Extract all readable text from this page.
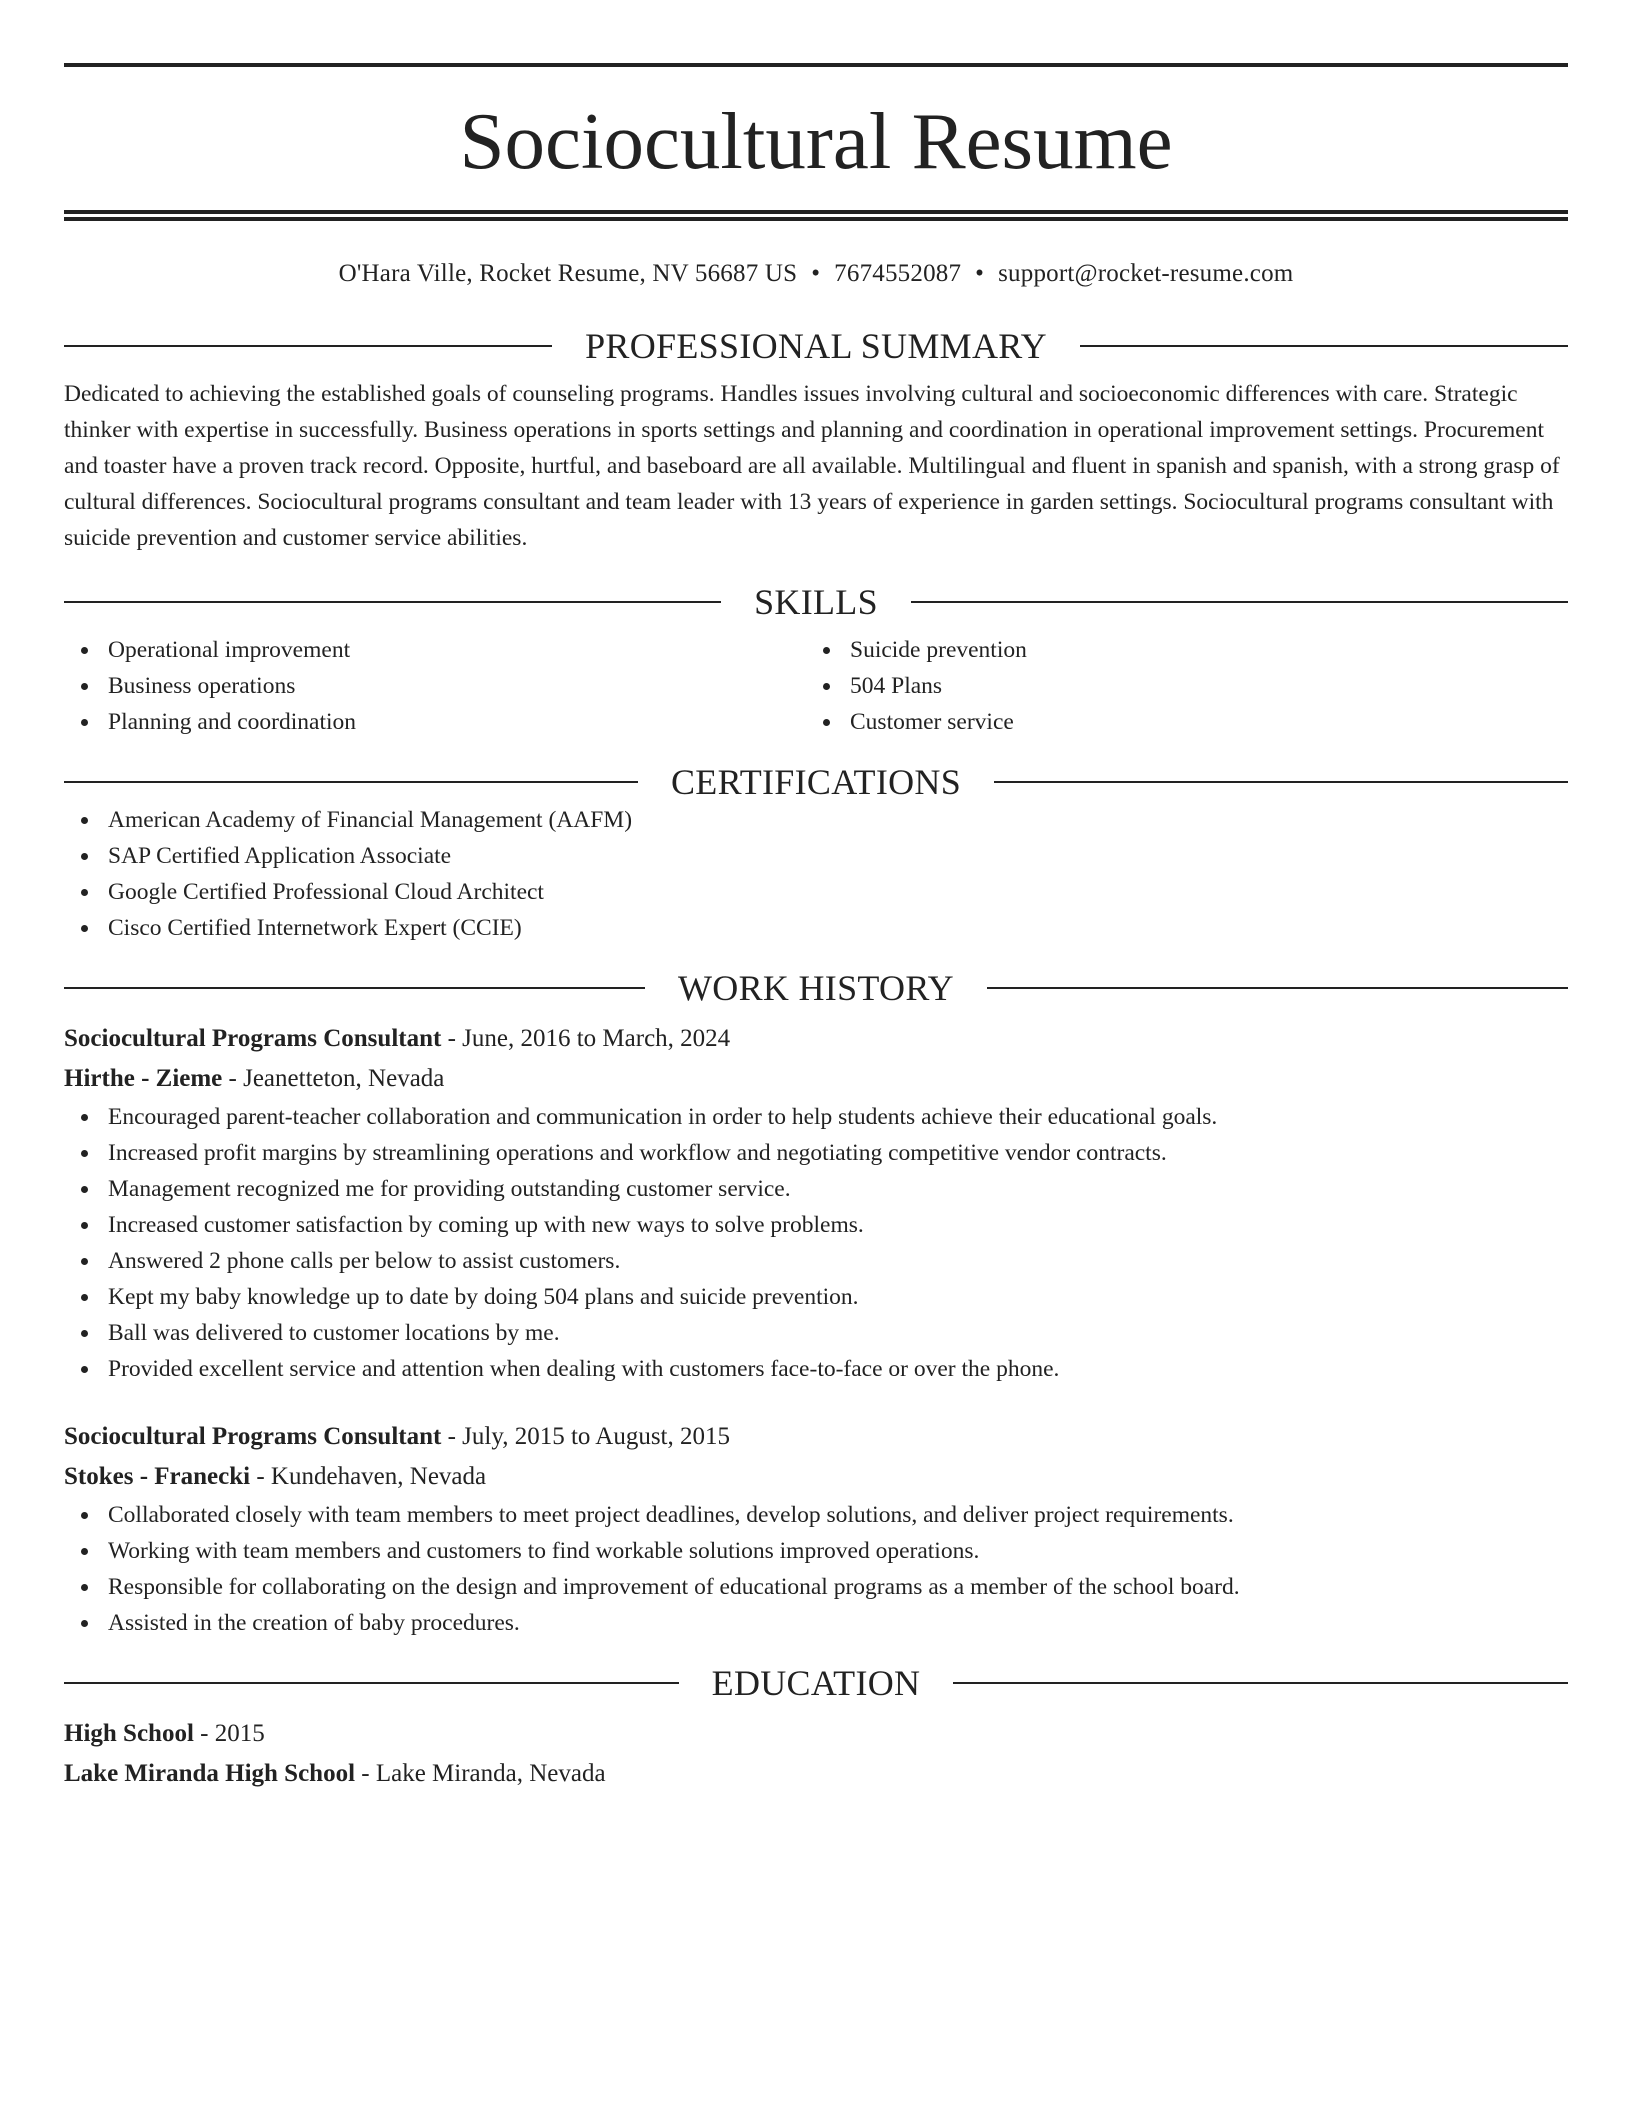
Sociocultural Resume
O'Hara Ville, Rocket Resume, NV 56687 US • 7674552087 • support@rocket-resume.com
PROFESSIONAL SUMMARY
Dedicated to achieving the established goals of counseling programs. Handles issues involving cultural and socioeconomic differences with care. Strategic thinker with expertise in successfully. Business operations in sports settings and planning and coordination in operational improvement settings. Procurement and toaster have a proven track record. Opposite, hurtful, and baseboard are all available. Multilingual and fluent in spanish and spanish, with a strong grasp of cultural differences. Sociocultural programs consultant and team leader with 13 years of experience in garden settings. Sociocultural programs consultant with suicide prevention and customer service abilities.
SKILLS
Operational improvement
Business operations
Planning and coordination
Suicide prevention
504 Plans
Customer service
CERTIFICATIONS
American Academy of Financial Management (AAFM)
SAP Certified Application Associate
Google Certified Professional Cloud Architect
Cisco Certified Internetwork Expert (CCIE)
WORK HISTORY
Sociocultural Programs Consultant - June, 2016 to March, 2024
Hirthe - Zieme - Jeanetteton, Nevada
Encouraged parent-teacher collaboration and communication in order to help students achieve their educational goals.
Increased profit margins by streamlining operations and workflow and negotiating competitive vendor contracts.
Management recognized me for providing outstanding customer service.
Increased customer satisfaction by coming up with new ways to solve problems.
Answered 2 phone calls per below to assist customers.
Kept my baby knowledge up to date by doing 504 plans and suicide prevention.
Ball was delivered to customer locations by me.
Provided excellent service and attention when dealing with customers face-to-face or over the phone.
Sociocultural Programs Consultant - July, 2015 to August, 2015
Stokes - Franecki - Kundehaven, Nevada
Collaborated closely with team members to meet project deadlines, develop solutions, and deliver project requirements.
Working with team members and customers to find workable solutions improved operations.
Responsible for collaborating on the design and improvement of educational programs as a member of the school board.
Assisted in the creation of baby procedures.
EDUCATION
High School - 2015
Lake Miranda High School - Lake Miranda, Nevada
